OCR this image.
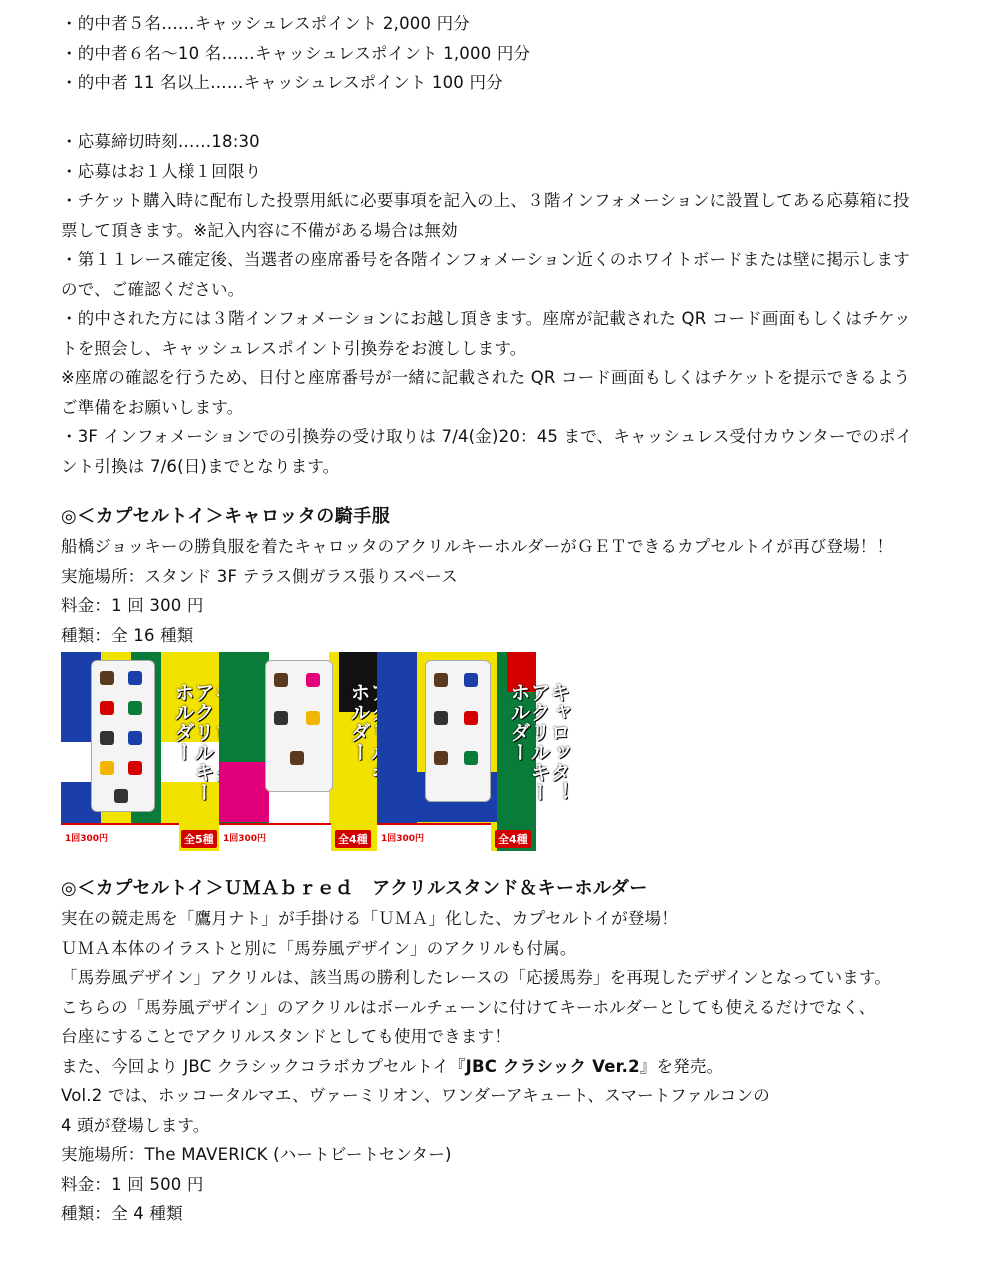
・的中者５名……キャッシュレスポイント 2,000 円分
・的中者６名～10 名……キャッシュレスポイント 1,000 円分
・的中者 11 名以上……キャッシュレスポイント 100 円分
・応募締切時刻……18:30
・応募はお１人様１回限り
・チケット購入時に配布した投票用紙に必要事項を記入の上、３階インフォメーションに設置してある応募箱に投
票して頂きます。※記入内容に不備がある場合は無効
・第１１レース確定後、当選者の座席番号を各階インフォメーション近くのホワイトボードまたは壁に掲示します
ので、ご確認ください。
・的中された方には３階インフォメーションにお越し頂きます。座席が記載された QR コード画面もしくはチケッ
トを照会し、キャッシュレスポイント引換券をお渡しします。
※座席の確認を行うため、日付と座席番号が一緒に記載された QR コード画面もしくはチケットを提示できるよう
ご準備をお願いします。
・3F インフォメーションでの引換券の受け取りは 7/4(金)20：45 まで、キャッシュレス受付カウンターでのポイ
ント引換は 7/6(日)までとなります。
◎＜カプセルトイ＞キャロッタの騎手服
船橋ジョッキーの勝負服を着たキャロッタのアクリルキーホルダーがＧＥＴできるカプセルトイが再び登場！！
実施場所：スタンド 3F テラス側ガラス張りスペース
料金：1 回 300 円
種類：全 16 種類
アクリルキーホルダー
1回300円	全5種
ホルダー
1回300円	全4種
キャロッタ！アクリルキーホルダー
1回300円	全4種
◎＜カプセルトイ＞ＵＭＡｂｒｅｄ　アクリルスタンド＆キーホルダー
実在の競走馬を「鷹月ナト」が手掛ける「ＵＭＡ」化した、カプセルトイが登場！
ＵＭＡ本体のイラストと別に「馬券風デザイン」のアクリルも付属。
「馬券風デザイン」アクリルは、該当馬の勝利したレースの「応援馬券」を再現したデザインとなっています。
こちらの「馬券風デザイン」のアクリルはボールチェーンに付けてキーホルダーとしても使えるだけでなく、
台座にすることでアクリルスタンドとしても使用できます！
また、今回より JBC クラシックコラボカプセルトイ『JBC クラシック Ver.2』を発売。
Vol.2 では、ホッコータルマエ、ヴァーミリオン、ワンダーアキュート、スマートファルコンの
4 頭が登場します。
実施場所：The MAVERICK (ハートビートセンター)
料金：1 回 500 円
種類：全 4 種類
